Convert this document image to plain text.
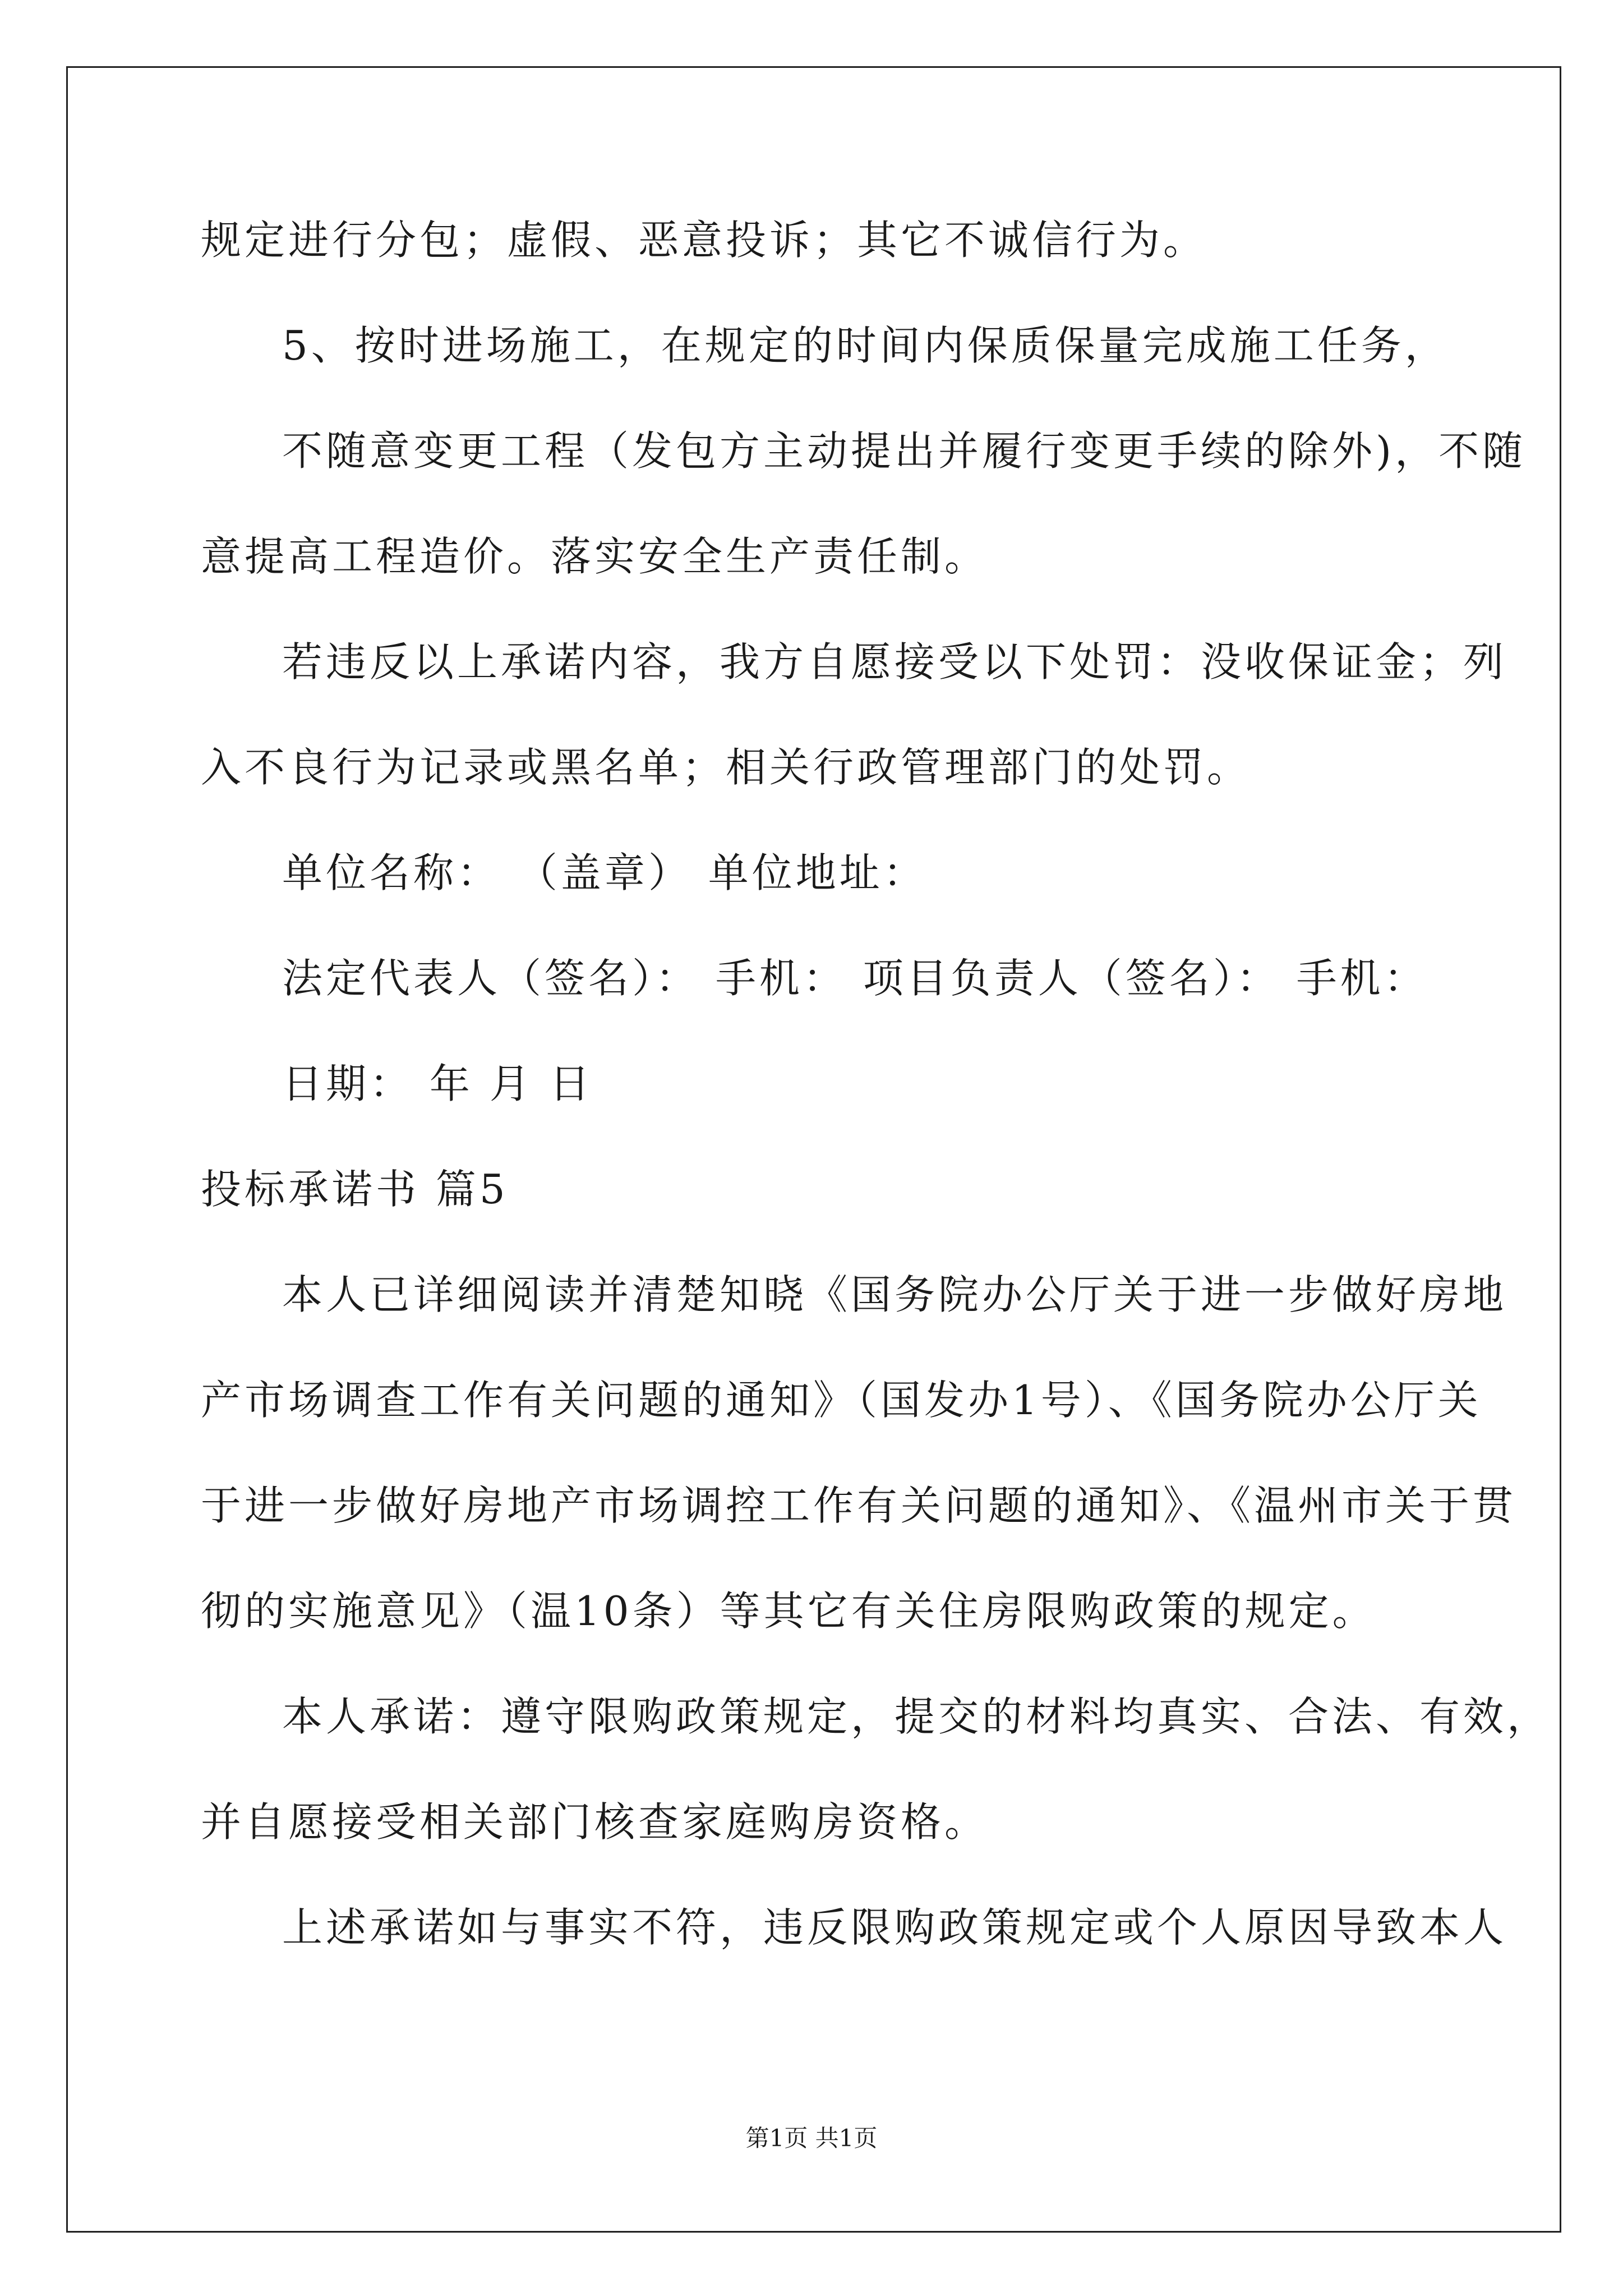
规定进行分包；虚假、恶意投诉；其它不诚信行为。
5、按时进场施工，在规定的时间内保质保量完成施工任务，
不随意变更工程（发包方主动提出并履行变更手续的除外)，不随
意提高工程造价。落实安全生产责任制。
若违反以上承诺内容，我方自愿接受以下处罚：没收保证金；列
入不良行为记录或黑名单；相关行政管理部门的处罚。
单位名称： （盖章） 单位地址：
法定代表人（签名）： 手机： 项目负责人（签名）： 手机：
日期： 年 月 日
投标承诺书 篇5
本人已详细阅读并清楚知晓《国务院办公厅关于进一步做好房地
产市场调查工作有关问题的通知》（国发办1号）、《国务院办公厅关
于进一步做好房地产市场调控工作有关问题的通知》、《温州市关于贯
彻的实施意见》（温10条）等其它有关住房限购政策的规定。
本人承诺：遵守限购政策规定，提交的材料均真实、合法、有效，
并自愿接受相关部门核查家庭购房资格。
上述承诺如与事实不符，违反限购政策规定或个人原因导致本人
第1页 共1页
